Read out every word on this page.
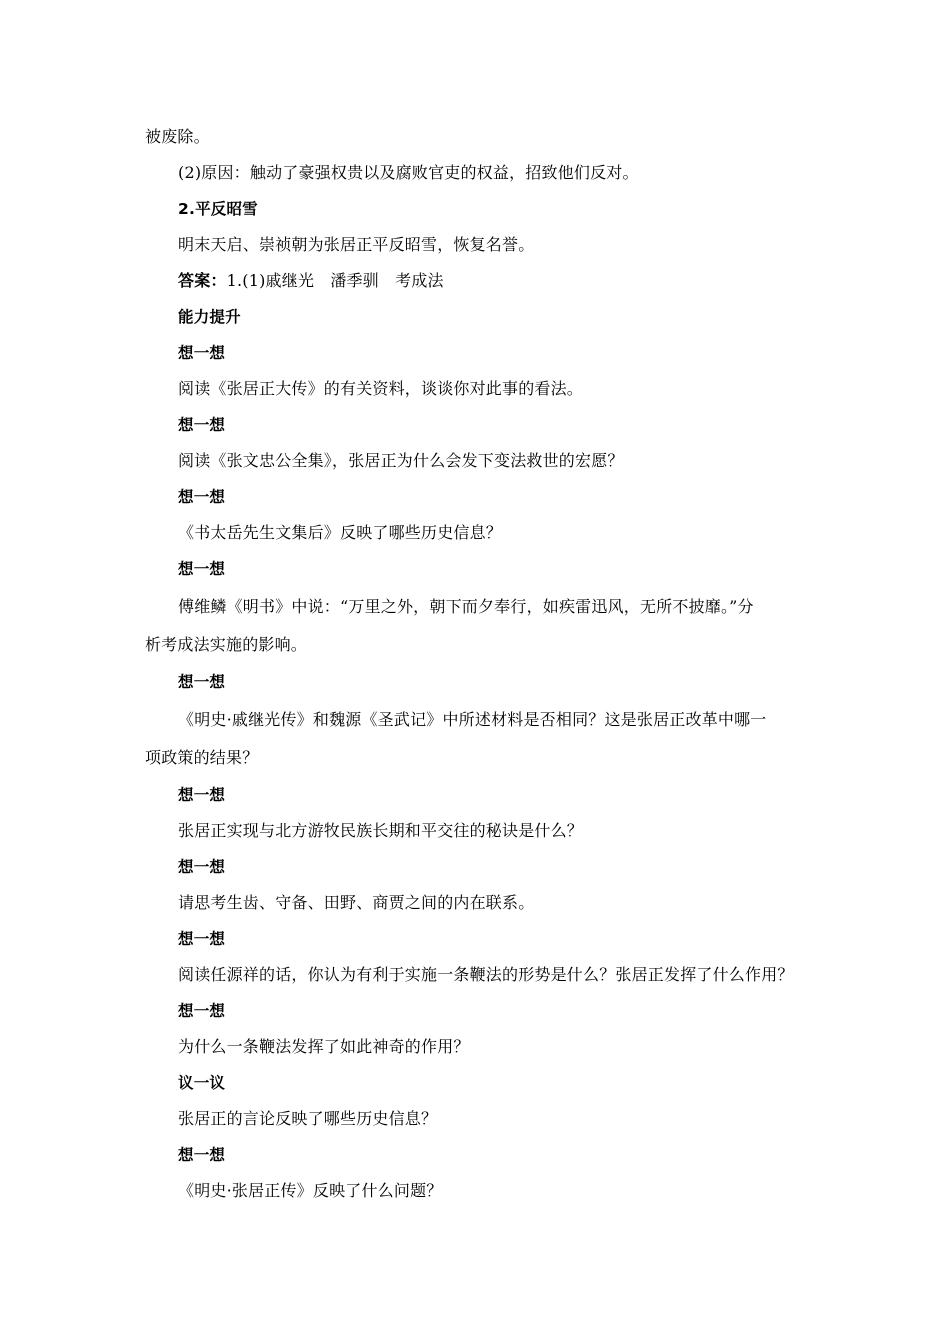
被废除。
(2)原因：触动了豪强权贵以及腐败官吏的权益，招致他们反对。
2.平反昭雪
明末天启、崇祯朝为张居正平反昭雪，恢复名誉。
答案：1.(1)戚继光　潘季驯　考成法
能力提升
想一想
阅读《张居正大传》的有关资料，谈谈你对此事的看法。
想一想
阅读《张文忠公全集》，张居正为什么会发下变法救世的宏愿？
想一想
《书太岳先生文集后》反映了哪些历史信息？
想一想
傅维鳞《明书》中说：“万里之外，朝下而夕奉行，如疾雷迅风，无所不披靡。”分
析考成法实施的影响。
想一想
《明史·戚继光传》和魏源《圣武记》中所述材料是否相同？这是张居正改革中哪一
项政策的结果？
想一想
张居正实现与北方游牧民族长期和平交往的秘诀是什么？
想一想
请思考生齿、守备、田野、商贾之间的内在联系。
想一想
阅读任源祥的话，你认为有利于实施一条鞭法的形势是什么？张居正发挥了什么作用？
想一想
为什么一条鞭法发挥了如此神奇的作用？
议一议
张居正的言论反映了哪些历史信息？
想一想
《明史·张居正传》反映了什么问题？
